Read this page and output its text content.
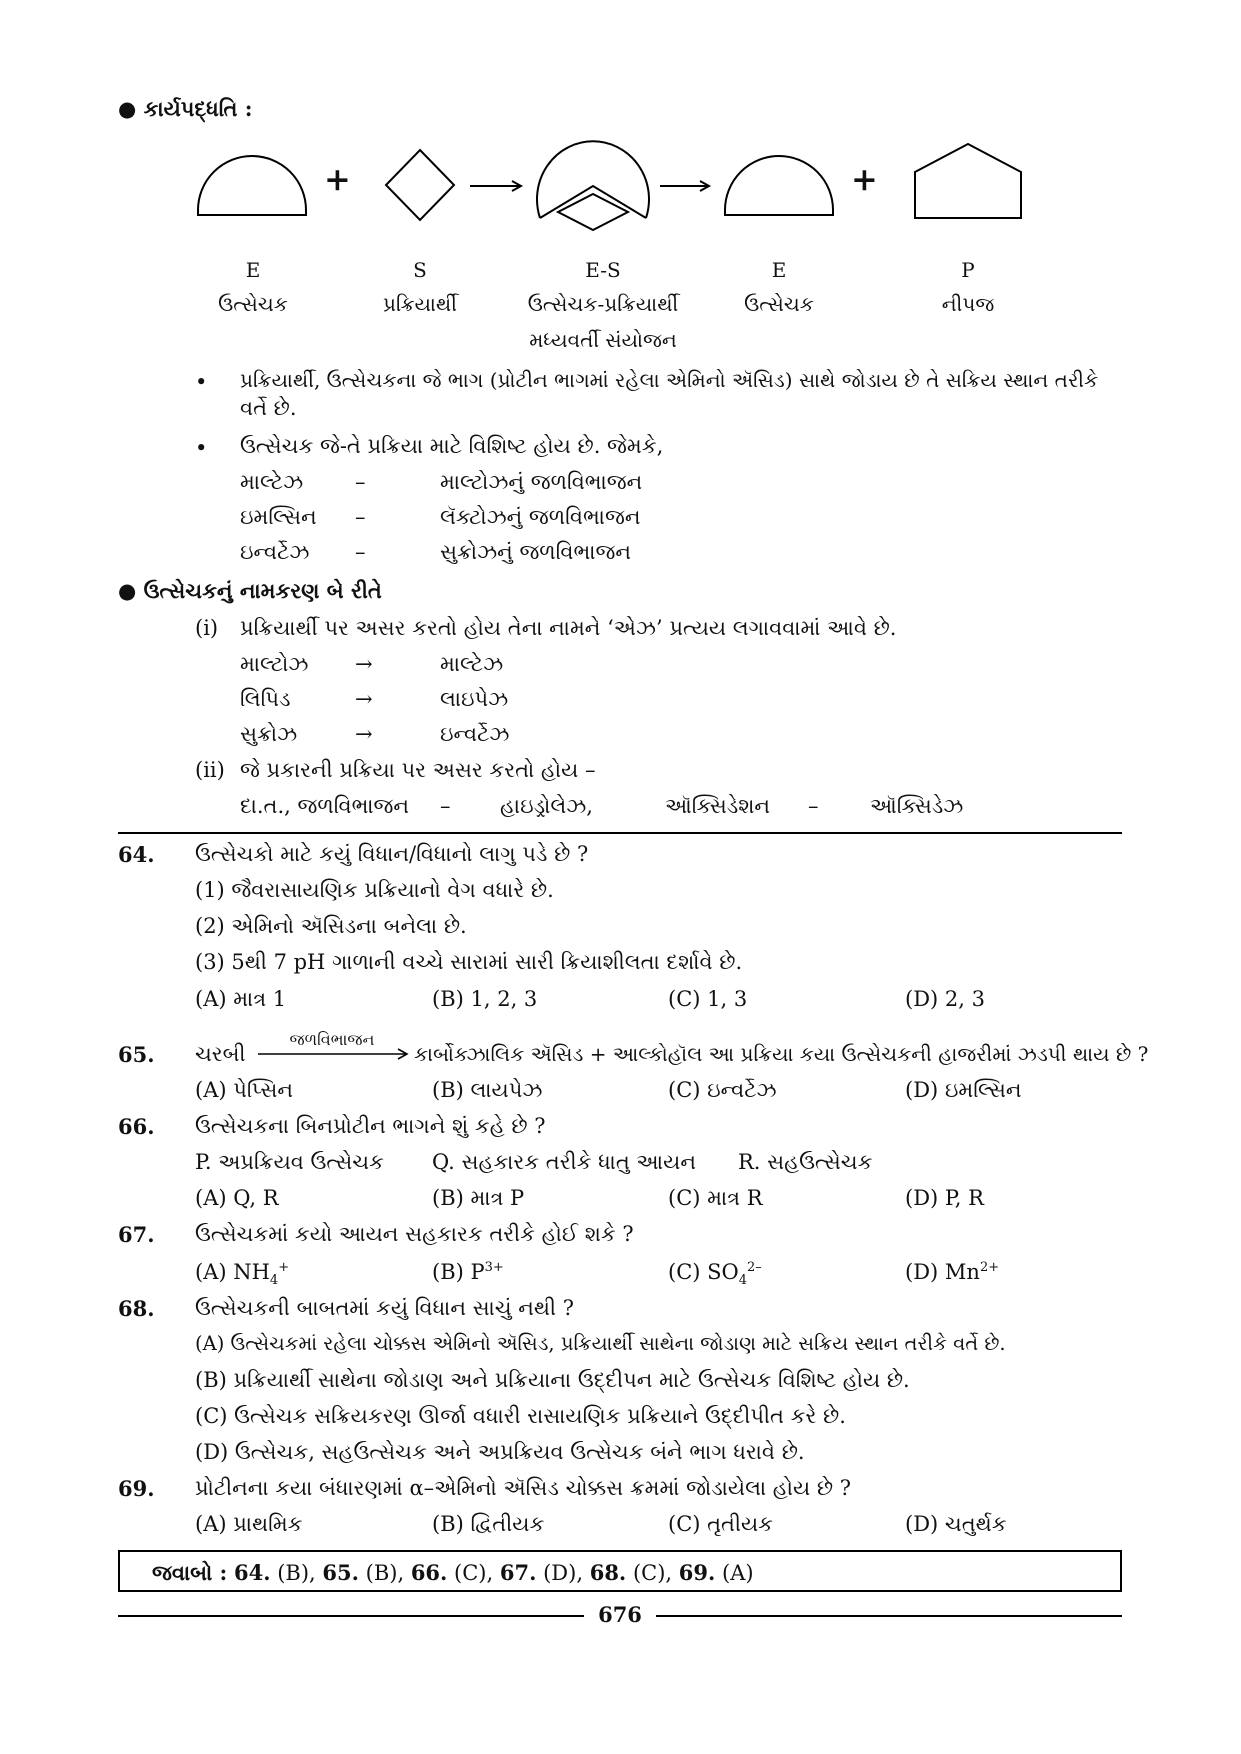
● કાર્યપદ્ધતિ :
+	+
E
ઉત્સેચક
S
પ્રક્રિયાર્થી
E-S
ઉત્સેચક-પ્રક્રિયાર્થી
મધ્યવર્તી સંયોજન
E
ઉત્સેચક
P
નીપજ
• પ્રક્રિયાર્થી, ઉત્સેચકના જે ભાગ (પ્રોટીન ભાગમાં રહેલા એમિનો ઍસિડ) સાથે જોડાય છે તે સક્રિય સ્થાન તરીકે
વર્તે છે.
• ઉત્સેચક જે-તે પ્રક્રિયા માટે વિશિષ્ટ હોય છે. જેમકે,
માલ્ટેઝ –	માલ્ટોઝનું જળવિભાજન
ઇમલ્સિન –	લૅક્ટોઝનું જળવિભાજન
ઇન્વર્ટેઝ –	સુક્રોઝનું જળવિભાજન
● ઉત્સેચકનું નામકરણ બે રીતે
(i) પ્રક્રિયાર્થી પર અસર કરતો હોય તેના નામને ‘એઝ’ પ્રત્યય લગાવવામાં આવે છે.
માલ્ટોઝ →	માલ્ટેઝ
લિપિડ	→	લાઇપેઝ
સુક્રોઝ	→	ઇન્વર્ટેઝ
(ii) જે પ્રકારની પ્રક્રિયા પર અસર કરતો હોય –
દા.ત., જળવિભાજન – હાઇડ્રોલેઝ,	ઑક્સિડેશન – ઑક્સિડેઝ
64. ઉત્સેચકો માટે કયું વિધાન/વિધાનો લાગુ પડે છે ?
(1) જૈવરાસાયણિક પ્રક્રિયાનો વેગ વધારે છે.
(2) એમિનો ઍસિડના બનેલા છે.
(3) 5થી 7 pH ગાળાની વચ્ચે સારામાં સારી ક્રિયાશીલતા દર્શાવે છે.
(A) માત્ર 1	(B) 1, 2, 3	(C) 1, 3	(D) 2, 3
65. ચરબી
જળવિભાજન
કાર્બોક્ઝાલિક ઍસિડ + આલ્કોહૉલ આ પ્રક્રિયા કયા ઉત્સેચકની હાજરીમાં ઝડપી થાય છે ?
(A) પેપ્સિન	(B) લાયપેઝ	(C) ઇન્વર્ટેઝ	(D) ઇમલ્સિન
66. ઉત્સેચકના બિનપ્રોટીન ભાગને શું કહે છે ?
P. અપ્રક્રિયવ ઉત્સેચક Q. સહકારક તરીકે ધાતુ આયન R. સહઉત્સેચક
(A) Q, R	(B) માત્ર P	(C) માત્ર R	(D) P, R
67. ઉત્સેચકમાં કયો આયન સહકારક તરીકે હોઈ શકે ?
(A) $NH_4^+$	(B) $P^{3+}$	(C) $SO_4^{2-}$	(D) $Mn^{2+}$
68. ઉત્સેચકની બાબતમાં કયું વિધાન સાચું નથી ?
(A) ઉત્સેચકમાં રહેલા ચોક્કસ એમિનો ઍસિડ, પ્રક્રિયાર્થી સાથેના જોડાણ માટે સક્રિય સ્થાન તરીકે વર્તે છે.
(B) પ્રક્રિયાર્થી સાથેના જોડાણ અને પ્રક્રિયાના ઉદ્દીપન માટે ઉત્સેચક વિશિષ્ટ હોય છે.
(C) ઉત્સેચક સક્રિયકરણ ઊર્જા વધારી રાસાયણિક પ્રક્રિયાને ઉદ્દીપીત કરે છે.
(D) ઉત્સેચક, સહઉત્સેચક અને અપ્રક્રિયવ ઉત્સેચક બંને ભાગ ધરાવે છે.
69. પ્રોટીનના કયા બંધારણમાં α–એમિનો ઍસિડ ચોક્કસ ક્રમમાં જોડાયેલા હોય છે ?
(A) પ્રાથમિક	(B) દ્વિતીયક	(C) તૃતીયક	(D) ચતુર્થક
જવાબો : 64. (B), 65. (B), 66. (C), 67. (D), 68. (C), 69. (A)
676
